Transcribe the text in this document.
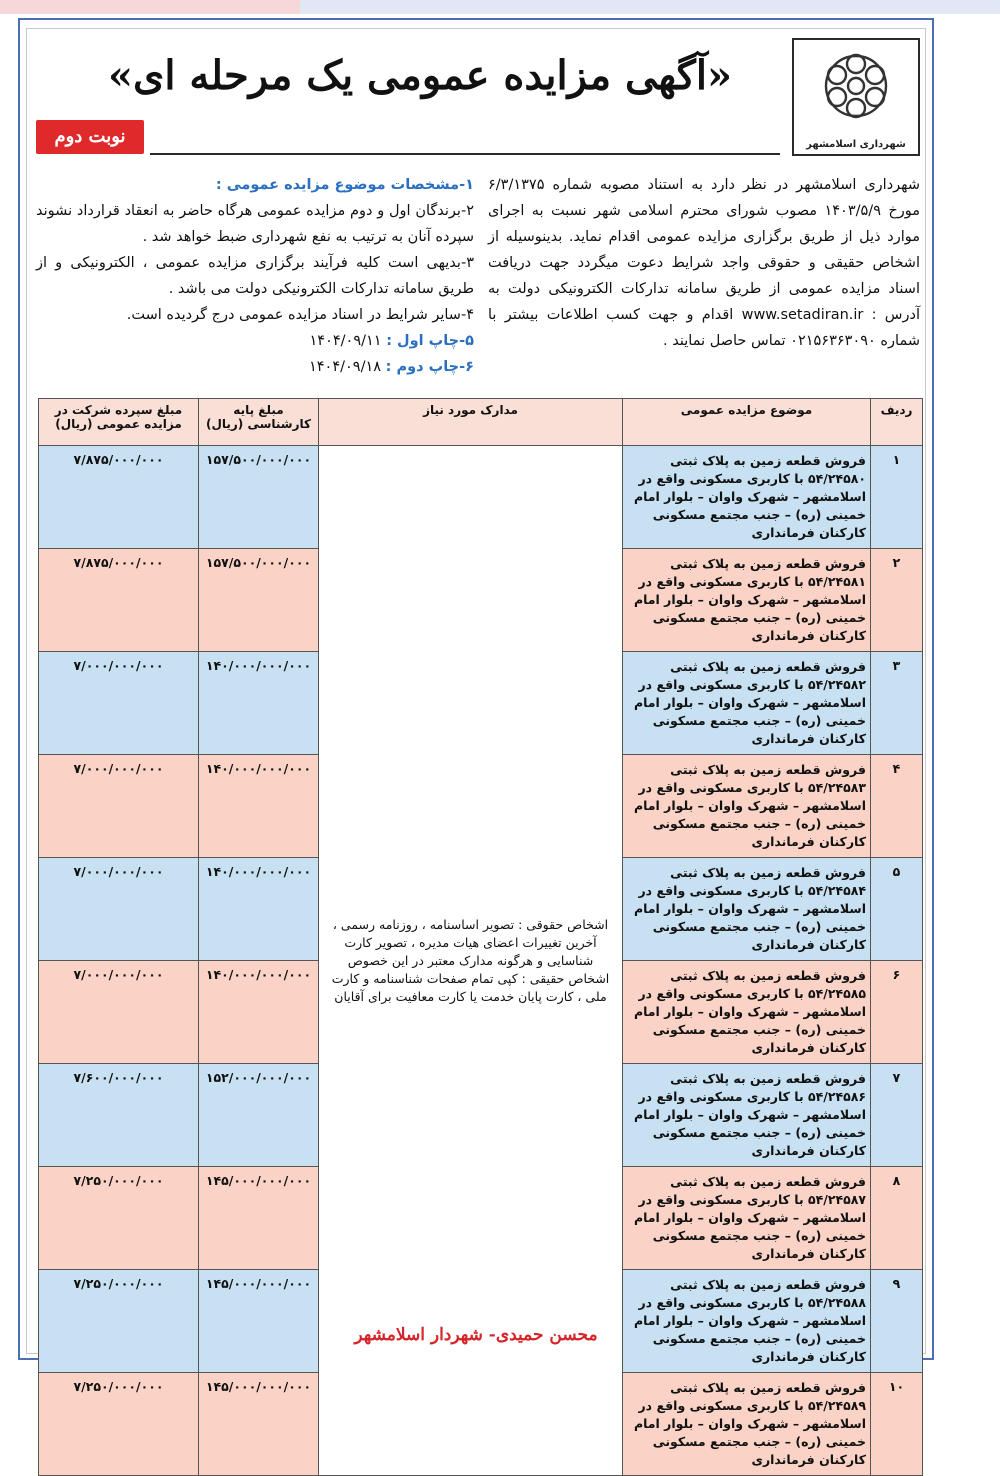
شهرداری اسلامشهر
«آگهی مزایده عمومی یک مرحله ای»
نوبت دوم
شهرداری اسلامشهر در نظر دارد به استناد مصوبه شماره ۶/۳/۱۳۷۵ مورخ ۱۴۰۳/۵/۹ مصوب شورای محترم اسلامی شهر نسبت به اجرای موارد ذیل از طریق برگزاری مزایده عمومی اقدام نماید. بدینوسیله از اشخاص حقیقی و حقوقی واجد شرایط دعوت میگردد جهت دریافت اسناد مزایده عمومی از طریق سامانه تدارکات الکترونیکی دولت به آدرس : www.setadiran.ir اقدام و جهت کسب اطلاعات بیشتر با شماره ۰۲۱۵۶۳۶۳۰۹۰ تماس حاصل نمایند .
۱-مشخصات موضوع مزایده عمومی :
۲-برندگان اول و دوم مزایده عمومی هرگاه حاضر به انعقاد قرارداد نشوند سپرده آنان به ترتیب به نفع شهرداری ضبط خواهد شد .
۳-بدیهی است کلیه فرآیند برگزاری مزایده عمومی ، الکترونیکی و از طریق سامانه تدارکات الکترونیکی دولت می باشد .
۴-سایر شرایط در اسناد مزایده عمومی درج گردیده است.
۵-چاپ اول : ۱۴۰۴/۰۹/۱۱
۶-چاپ دوم : ۱۴۰۴/۰۹/۱۸
ردیف	موضوع مزایده عمومی	مدارک مورد نیاز	مبلغ پایه کارشناسی (ریال)	مبلغ سپرده شرکت در مزایده عمومی (ریال)
۱	فروش قطعه زمین به پلاک ثبتی ۵۴/۲۴۵۸۰ با کاربری مسکونی واقع در اسلامشهر – شهرک واوان – بلوار امام خمینی (ره) – جنب مجتمع مسکونی کارکنان فرمانداری	اشخاص حقوقی : تصویر اساسنامه ، روزنامه رسمی ، آخرین تغییرات اعضای هیات مدیره ، تصویر کارت شناسایی و هرگونه مدارک معتبر در این خصوص اشخاص حقیقی : کپی تمام صفحات شناسنامه و کارت ملی ، کارت پایان خدمت یا کارت معافیت برای آقایان	۱۵۷/۵۰۰/۰۰۰/۰۰۰	۷/۸۷۵/۰۰۰/۰۰۰
۲	فروش قطعه زمین به پلاک ثبتی ۵۴/۲۴۵۸۱ با کاربری مسکونی واقع در اسلامشهر – شهرک واوان – بلوار امام خمینی (ره) – جنب مجتمع مسکونی کارکنان فرمانداری		۱۵۷/۵۰۰/۰۰۰/۰۰۰	۷/۸۷۵/۰۰۰/۰۰۰
۳	فروش قطعه زمین به پلاک ثبتی ۵۴/۲۴۵۸۲ با کاربری مسکونی واقع در اسلامشهر – شهرک واوان – بلوار امام خمینی (ره) – جنب مجتمع مسکونی کارکنان فرمانداری		۱۴۰/۰۰۰/۰۰۰/۰۰۰	۷/۰۰۰/۰۰۰/۰۰۰
۴	فروش قطعه زمین به پلاک ثبتی ۵۴/۲۴۵۸۳ با کاربری مسکونی واقع در اسلامشهر – شهرک واوان – بلوار امام خمینی (ره) – جنب مجتمع مسکونی کارکنان فرمانداری		۱۴۰/۰۰۰/۰۰۰/۰۰۰	۷/۰۰۰/۰۰۰/۰۰۰
۵	فروش قطعه زمین به پلاک ثبتی ۵۴/۲۴۵۸۴ با کاربری مسکونی واقع در اسلامشهر – شهرک واوان – بلوار امام خمینی (ره) – جنب مجتمع مسکونی کارکنان فرمانداری		۱۴۰/۰۰۰/۰۰۰/۰۰۰	۷/۰۰۰/۰۰۰/۰۰۰
۶	فروش قطعه زمین به پلاک ثبتی ۵۴/۲۴۵۸۵ با کاربری مسکونی واقع در اسلامشهر – شهرک واوان – بلوار امام خمینی (ره) – جنب مجتمع مسکونی کارکنان فرمانداری		۱۴۰/۰۰۰/۰۰۰/۰۰۰	۷/۰۰۰/۰۰۰/۰۰۰
۷	فروش قطعه زمین به پلاک ثبتی ۵۴/۲۴۵۸۶ با کاربری مسکونی واقع در اسلامشهر – شهرک واوان – بلوار امام خمینی (ره) – جنب مجتمع مسکونی کارکنان فرمانداری		۱۵۲/۰۰۰/۰۰۰/۰۰۰	۷/۶۰۰/۰۰۰/۰۰۰
۸	فروش قطعه زمین به پلاک ثبتی ۵۴/۲۴۵۸۷ با کاربری مسکونی واقع در اسلامشهر – شهرک واوان – بلوار امام خمینی (ره) – جنب مجتمع مسکونی کارکنان فرمانداری		۱۴۵/۰۰۰/۰۰۰/۰۰۰	۷/۲۵۰/۰۰۰/۰۰۰
۹	فروش قطعه زمین به پلاک ثبتی ۵۴/۲۴۵۸۸ با کاربری مسکونی واقع در اسلامشهر – شهرک واوان – بلوار امام خمینی (ره) – جنب مجتمع مسکونی کارکنان فرمانداری		۱۴۵/۰۰۰/۰۰۰/۰۰۰	۷/۲۵۰/۰۰۰/۰۰۰
۱۰	فروش قطعه زمین به پلاک ثبتی ۵۴/۲۴۵۸۹ با کاربری مسکونی واقع در اسلامشهر – شهرک واوان – بلوار امام خمینی (ره) – جنب مجتمع مسکونی کارکنان فرمانداری		۱۴۵/۰۰۰/۰۰۰/۰۰۰	۷/۲۵۰/۰۰۰/۰۰۰
محسن حمیدی- شهردار اسلامشهر
